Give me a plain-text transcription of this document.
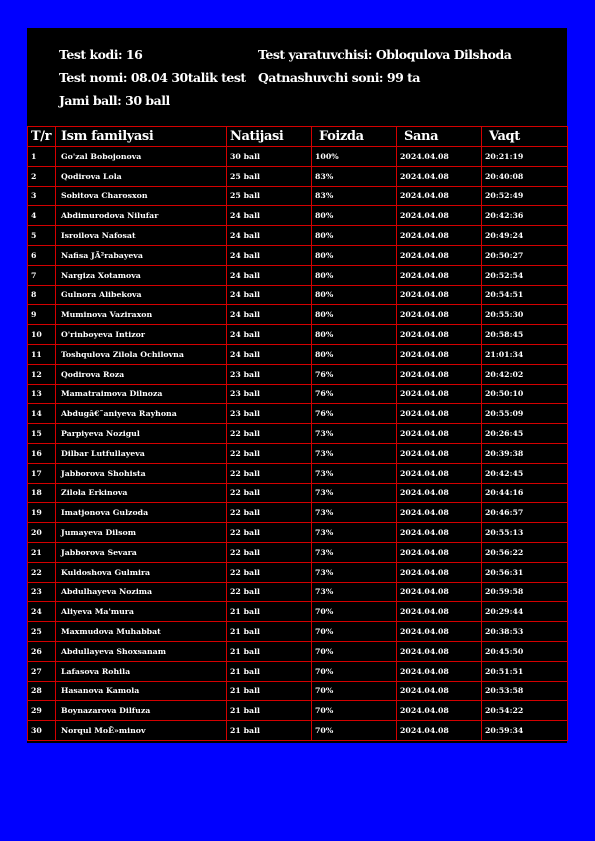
Test kodi: 16	Test yaratuvchisi: Obloqulova Dilshoda
Test nomi: 08.04 30talik test Qatnashuvchi soni: 99 ta
Jami ball: 30 ball
T/r	Ism familyasi	Natijasi	Foizda	Sana	Vaqt
1	Go'zal Bobojonova	30 ball	100%	2024.04.08	20:21:19
2	Qodirova Lola	25 ball	83%	2024.04.08	20:40:08
3	Sobitova Charosxon	25 ball	83%	2024.04.08	20:52:49
4	Abdimurodova Nilufar	24 ball	80%	2024.04.08	20:42:36
5	Isroilova Nafosat	24 ball	80%	2024.04.08	20:49:24
6	Nafisa JÃ²rabayeva	24 ball	80%	2024.04.08	20:50:27
7	Nargiza Xotamova	24 ball	80%	2024.04.08	20:52:54
8	Gulnora Alibekova	24 ball	80%	2024.04.08	20:54:51
9	Muminova Vaziraxon	24 ball	80%	2024.04.08	20:55:30
10	O'rinboyeva Intizor	24 ball	80%	2024.04.08	20:58:45
11	Toshqulova Zilola Ochilovna	24 ball	80%	2024.04.08	21:01:34
12	Qodirova Roza	23 ball	76%	2024.04.08	20:42:02
13	Mamatraimova Dilnoza	23 ball	76%	2024.04.08	20:50:10
14	Abdugâ€˜aniyeva Rayhona	23 ball	76%	2024.04.08	20:55:09
15	Parpiyeva Nozigul	22 ball	73%	2024.04.08	20:26:45
16	Dilbar Lutfullayeva	22 ball	73%	2024.04.08	20:39:38
17	Jabborova Shohista	22 ball	73%	2024.04.08	20:42:45
18	Zilola Erkinova	22 ball	73%	2024.04.08	20:44:16
19	Imatjonova Gulzoda	22 ball	73%	2024.04.08	20:46:57
20	Jumayeva Dilsom	22 ball	73%	2024.04.08	20:55:13
21	Jabborova Sevara	22 ball	73%	2024.04.08	20:56:22
22	Kuldoshova Gulmira	22 ball	73%	2024.04.08	20:56:31
23	Abdulhayeva Nozima	22 ball	73%	2024.04.08	20:59:58
24	Aliyeva Ma'mura	21 ball	70%	2024.04.08	20:29:44
25	Maxmudova Muhabbat	21 ball	70%	2024.04.08	20:38:53
26	Abdullayeva Shoxsanam	21 ball	70%	2024.04.08	20:45:50
27	Lafasova Rohila	21 ball	70%	2024.04.08	20:51:51
28	Hasanova Kamola	21 ball	70%	2024.04.08	20:53:58
29	Boynazarova Dilfuza	21 ball	70%	2024.04.08	20:54:22
30	Norqul MoÊ»minov	21 ball	70%	2024.04.08	20:59:34
